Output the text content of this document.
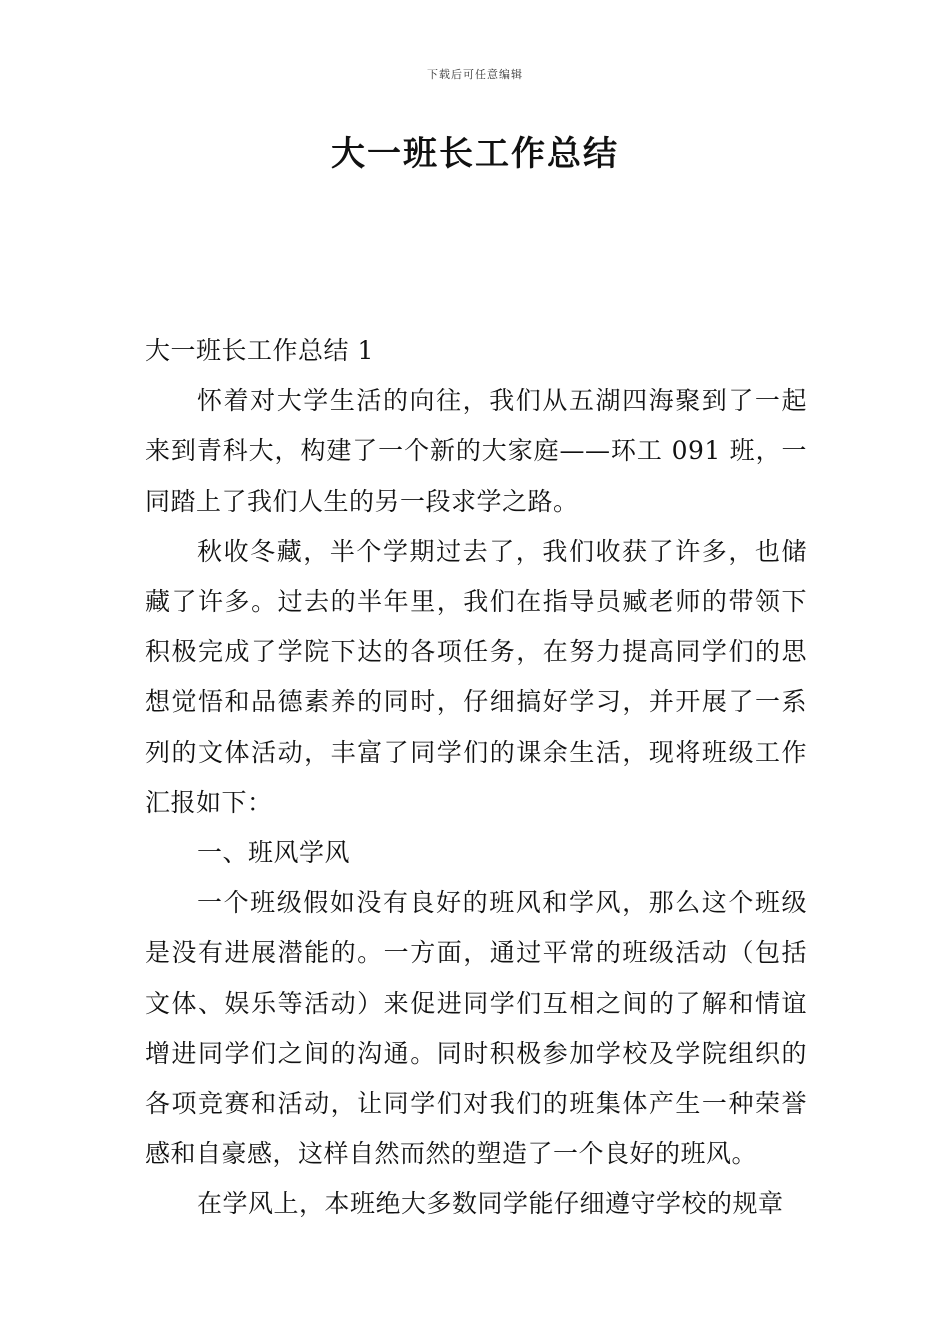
下载后可任意编辑
大一班长工作总结

大一班长工作总结 1

怀着对大学生活的向往，我们从五湖四海聚到了一起来到青科大，构建了一个新的大家庭——环工 091 班，一同踏上了我们人生的另一段求学之路。

秋收冬藏，半个学期过去了，我们收获了许多，也储藏了许多。过去的半年里，我们在指导员臧老师的带领下积极完成了学院下达的各项任务，在努力提高同学们的思想觉悟和品德素养的同时，仔细搞好学习，并开展了一系列的文体活动，丰富了同学们的课余生活，现将班级工作汇报如下：

一、班风学风

一个班级假如没有良好的班风和学风，那么这个班级是没有进展潜能的。一方面，通过平常的班级活动（包括文体、娱乐等活动）来促进同学们互相之间的了解和情谊增进同学们之间的沟通。同时积极参加学校及学院组织的各项竞赛和活动，让同学们对我们的班集体产生一种荣誉感和自豪感，这样自然而然的塑造了一个良好的班风。

在学风上，本班绝大多数同学能仔细遵守学校的规章
